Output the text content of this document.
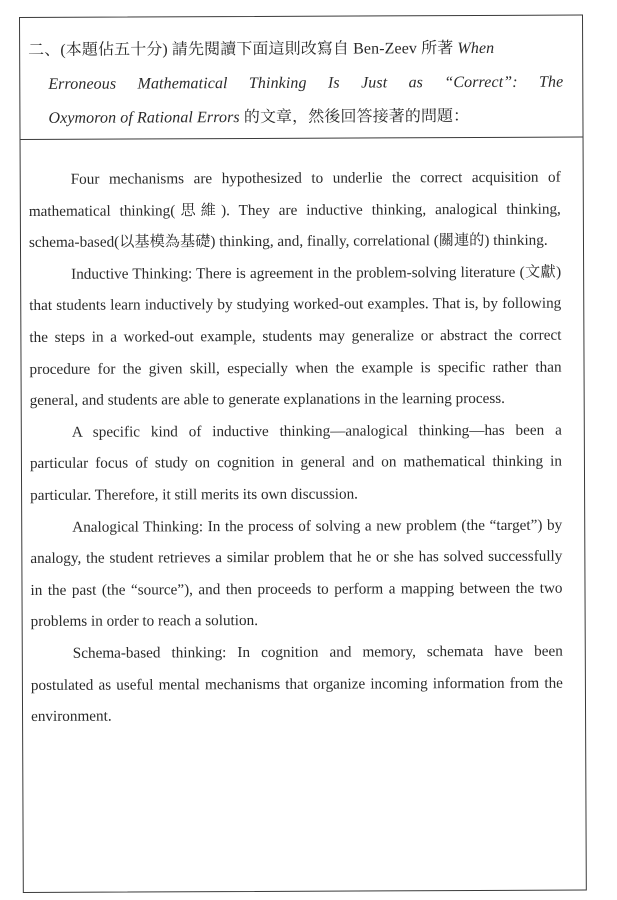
二、(本題佔五十分) 請先閱讀下面這則改寫自 Ben-Zeev 所著 When
Erroneous Mathematical Thinking Is Just as “Correct”: The
Oxymoron of Rational Errors 的文章，然後回答接著的問題：

Four mechanisms are hypothesized to underlie the correct acquisition of mathematical thinking(思維). They are inductive thinking, analogical thinking, schema-based(以基模為基礎) thinking, and, finally, correlational (關連的) thinking.

Inductive Thinking: There is agreement in the problem-solving literature (文獻) that students learn inductively by studying worked-out examples. That is, by following the steps in a worked-out example, students may generalize or abstract the correct procedure for the given skill, especially when the example is specific rather than general, and students are able to generate explanations in the learning process.

A specific kind of inductive thinking—analogical thinking—has been a particular focus of study on cognition in general and on mathematical thinking in particular. Therefore, it still merits its own discussion.

Analogical Thinking: In the process of solving a new problem (the “target”) by analogy, the student retrieves a similar problem that he or she has solved successfully in the past (the “source”), and then proceeds to perform a mapping between the two problems in order to reach a solution.

Schema-based thinking: In cognition and memory, schemata have been postulated as useful mental mechanisms that organize incoming information from the environment.
